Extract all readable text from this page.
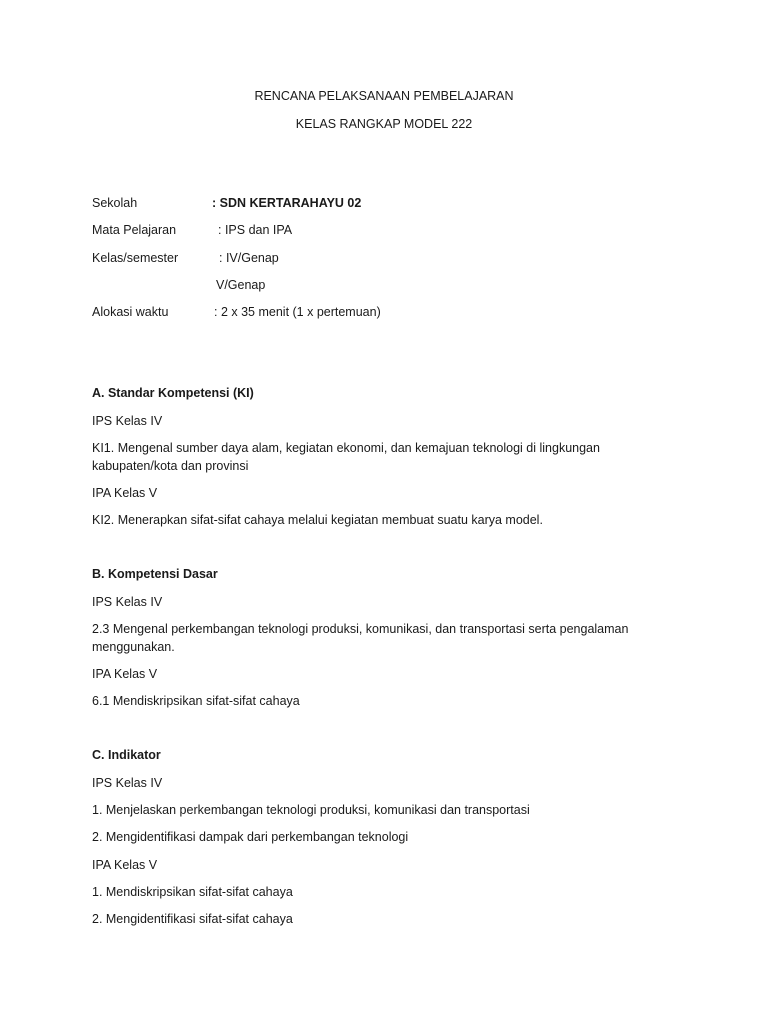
RENCANA PELAKSANAAN PEMBELAJARAN
KELAS RANGKAP MODEL 222
Sekolah	: SDN KERTARAHAYU 02
Mata Pelajaran	: IPS dan IPA
Kelas/semester	: IV/Genap
V/Genap
Alokasi waktu	: 2 x 35 menit (1 x pertemuan)
A. Standar Kompetensi (KI)
IPS Kelas IV
KI1. Mengenal sumber daya alam, kegiatan ekonomi, dan kemajuan teknologi di lingkungan kabupaten/kota dan provinsi
IPA Kelas V
KI2. Menerapkan sifat-sifat cahaya melalui kegiatan membuat suatu karya model.
B. Kompetensi Dasar
IPS Kelas IV
2.3 Mengenal perkembangan teknologi produksi, komunikasi, dan transportasi serta pengalaman menggunakan.
IPA Kelas V
6.1 Mendiskripsikan sifat-sifat cahaya
C. Indikator
IPS Kelas IV
1. Menjelaskan perkembangan teknologi produksi, komunikasi dan transportasi
2. Mengidentifikasi dampak dari perkembangan teknologi
IPA Kelas V
1. Mendiskripsikan sifat-sifat cahaya
2. Mengidentifikasi sifat-sifat cahaya
